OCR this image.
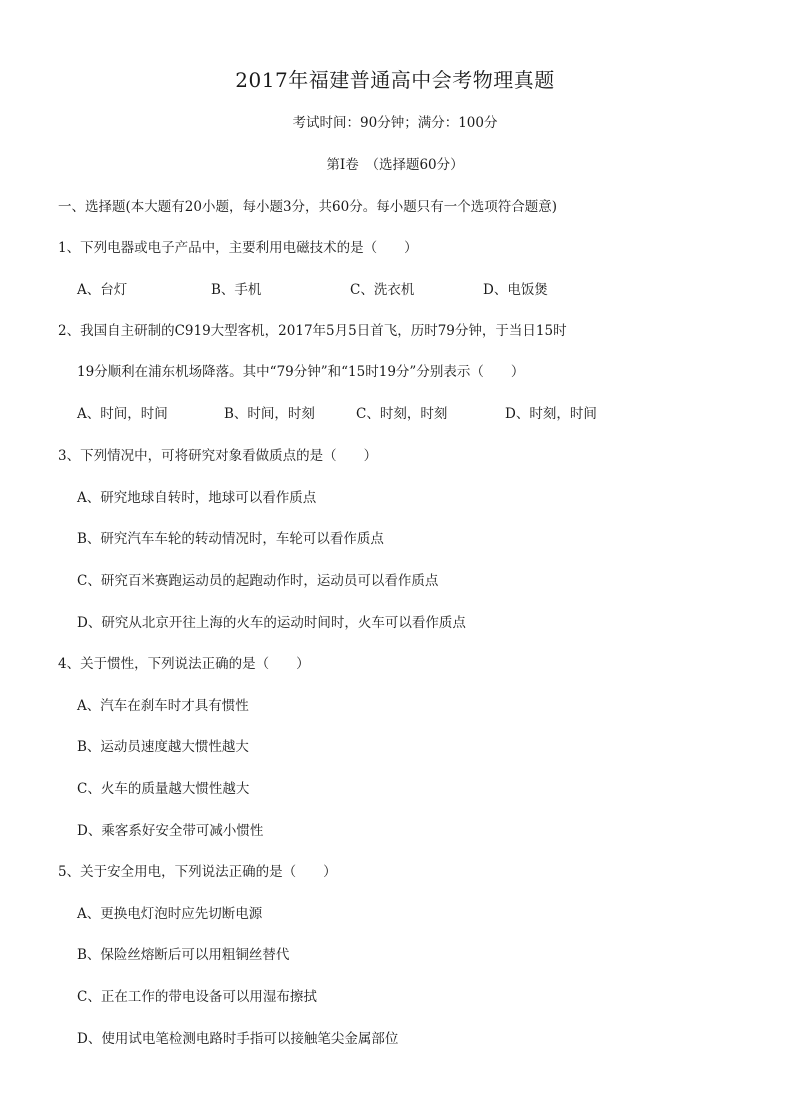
2017年福建普通高中会考物理真题
考试时间：90分钟；满分：100分
第Ⅰ卷　（选择题60分）
一、选择题(本大题有20小题，每小题3分，共60分。每小题只有一个选项符合题意)
1、下列电器或电子产品中，主要利用电磁技术的是（　　）
A、台灯	B、手机	C、洗衣机	D、电饭煲
2、我国自主研制的C919大型客机，2017年5月5日首飞，历时79分钟，于当日15时
19分顺利在浦东机场降落。其中“79分钟”和“15时19分”分别表示（　　）
A、时间，时间	B、时间，时刻	C、时刻，时刻	D、时刻，时间
3、下列情况中，可将研究对象看做质点的是（　　）
A、研究地球自转时，地球可以看作质点
B、研究汽车车轮的转动情况时，车轮可以看作质点
C、研究百米赛跑运动员的起跑动作时，运动员可以看作质点
D、研究从北京开往上海的火车的运动时间时，火车可以看作质点
4、关于惯性，下列说法正确的是（　　）
A、汽车在刹车时才具有惯性
B、运动员速度越大惯性越大
C、火车的质量越大惯性越大
D、乘客系好安全带可减小惯性
5、关于安全用电，下列说法正确的是（　　）
A、更换电灯泡时应先切断电源
B、保险丝熔断后可以用粗铜丝替代
C、正在工作的带电设备可以用湿布擦拭
D、使用试电笔检测电路时手指可以接触笔尖金属部位
